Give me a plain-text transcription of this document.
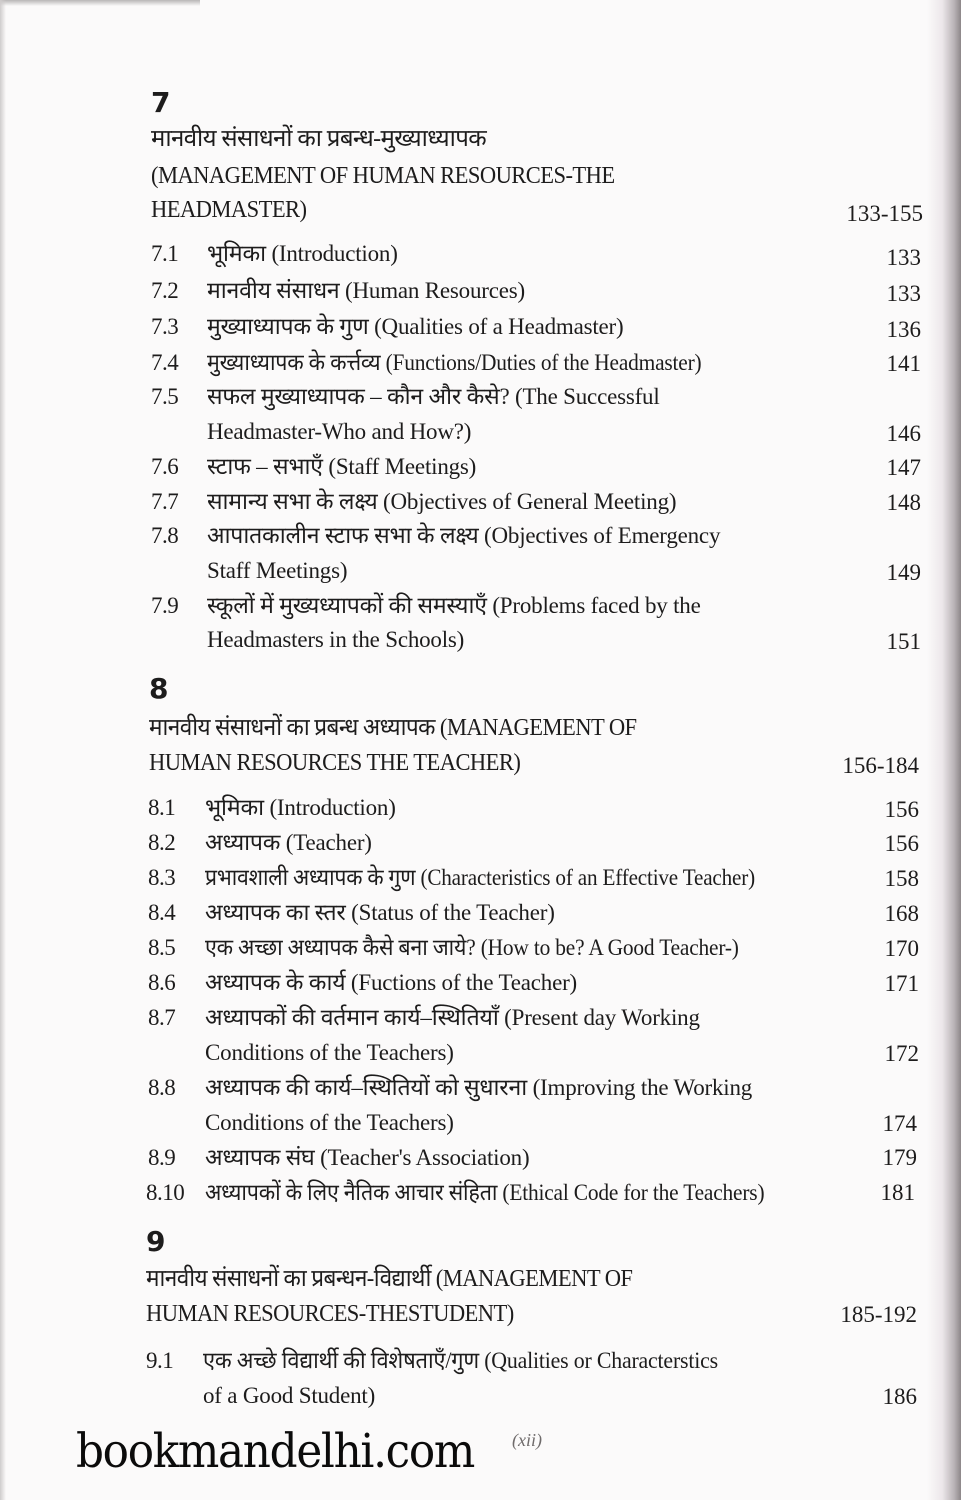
7
मानवीय संसाधनों का प्रबन्ध-मुख्याध्यापक
(MANAGEMENT OF HUMAN RESOURCES-THE
HEADMASTER)	133-155
7.1 भूमिका (Introduction)	133
7.2 मानवीय संसाधन (Human Resources)	133
7.3 मुख्याध्यापक के गुण (Qualities of a Headmaster)	136
7.4 मुख्याध्यापक के कर्त्तव्य (Functions/Duties of the Headmaster)	141
7.5 सफल मुख्याध्यापक – कौन और कैसे? (The Successful
Headmaster-Who and How?)	146
7.6 स्टाफ – सभाएँ (Staff Meetings)	147
7.7 सामान्य सभा के लक्ष्य (Objectives of General Meeting)	148
7.8 आपातकालीन स्टाफ सभा के लक्ष्य (Objectives of Emergency
Staff Meetings)	149
7.9 स्कूलों में मुख्यध्यापकों की समस्याएँ (Problems faced by the
Headmasters in the Schools)	151
8
मानवीय संसाधनों का प्रबन्ध अध्यापक (MANAGEMENT OF
HUMAN RESOURCES THE TEACHER)	156-184
8.1 भूमिका (Introduction)	156
8.2 अध्यापक (Teacher)	156
8.3 प्रभावशाली अध्यापक के गुण (Characteristics of an Effective Teacher)	158
8.4 अध्यापक का स्तर (Status of the Teacher)	168
8.5 एक अच्छा अध्यापक कैसे बना जाये? (How to be? A Good Teacher-)	170
8.6 अध्यापक के कार्य (Fuctions of the Teacher)	171
8.7 अध्यापकों की वर्तमान कार्य–स्थितियाँ (Present day Working
Conditions of the Teachers)	172
8.8 अध्यापक की कार्य–स्थितियों को सुधारना (Improving the Working
Conditions of the Teachers)	174
8.9 अध्यापक संघ (Teacher's Association)	179
8.10 अध्यापकों के लिए नैतिक आचार संहिता (Ethical Code for the Teachers)	181
9
मानवीय संसाधनों का प्रबन्धन-विद्यार्थी (MANAGEMENT OF
HUMAN RESOURCES-THESTUDENT)	185-192
9.1 एक अच्छे विद्यार्थी की विशेषताएँ/गुण (Qualities or Characterstics
of a Good Student)	186
bookmandelhi.com (xii)
